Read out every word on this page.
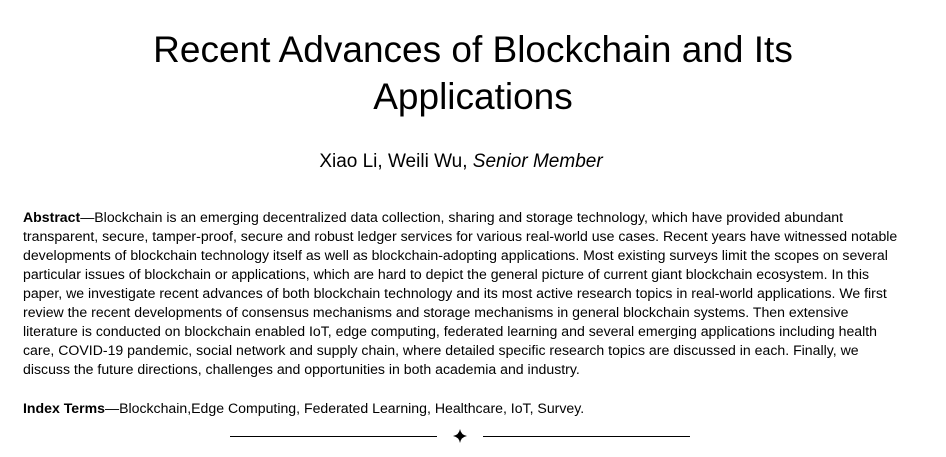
Recent Advances of Blockchain and Its
Applications
Xiao Li, Weili Wu, Senior Member

Abstract—Blockchain is an emerging decentralized data collection, sharing and storage technology, which have provided abundant transparent, secure, tamper-proof, secure and robust ledger services for various real-world use cases. Recent years have witnessed notable developments of blockchain technology itself as well as blockchain-adopting applications. Most existing surveys limit the scopes on several particular issues of blockchain or applications, which are hard to depict the general picture of current giant blockchain ecosystem. In this paper, we investigate recent advances of both blockchain technology and its most active research topics in real-world applications. We first review the recent developments of consensus mechanisms and storage mechanisms in general blockchain systems. Then extensive literature is conducted on blockchain enabled IoT, edge computing, federated learning and several emerging applications including health care, COVID-19 pandemic, social network and supply chain, where detailed specific research topics are discussed in each. Finally, we discuss the future directions, challenges and opportunities in both academia and industry.

Index Terms—Blockchain,Edge Computing, Federated Learning, Healthcare, IoT, Survey.
